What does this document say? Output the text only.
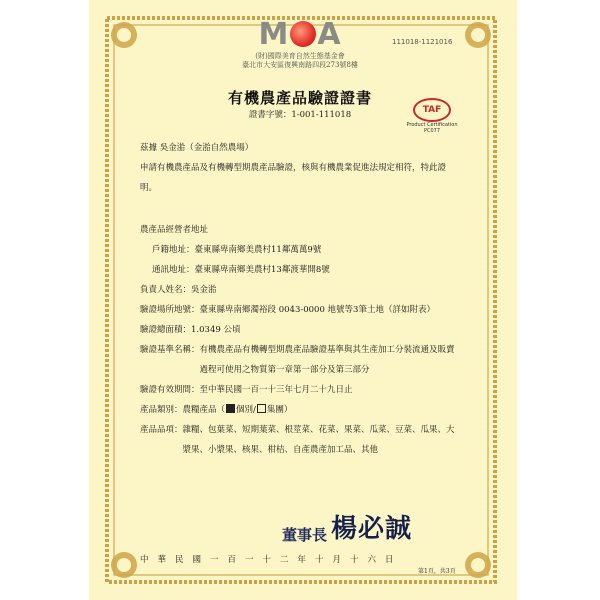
M A
(財)國際美育自然生態基金會
臺北市大安區復興南路四段273號8樓
111018-1121016
有機農產品驗證證書
證書字號：1-001-111018	TAF
Product Certification
PC077
茲據 吳金湁（金湁自然農場）
申請有機農產品及有機轉型期農產品驗證，核與有機農業促進法規定相符，特此證明。
農產品經營者地址
戶籍地址： 臺東縣卑南鄉美農村11鄰萬萬9號
通訊地址： 臺東縣卑南鄉美農村13鄰渡華開8號
負責人姓名： 吳金湁
驗證場所地號： 臺東縣卑南鄉濁裕段 0043-0000 地號等3筆土地（詳如附表）
驗證總面積： 1.0349 公頃
驗證基準名稱： 有機農產品有機轉型期農產品驗證基準與其生產加工分裝流通及販賣過程可使用之物質第一章第一部分及第三部分
驗證有效期間： 至中華民國一百一十三年七月二十九日止
產品類別： 農糧產品（ 個別/ 集團）
產品品項： 雜糧、包葉菜、短期葉菜、根莖菜、花菜、果菜、瓜菜、豆菜、瓜果、大漿果、小漿果、核果、柑桔、自產農產加工品、其他
董事長 楊必誠
中華民國一百一十二年十月十六日
第1頁，共3頁
